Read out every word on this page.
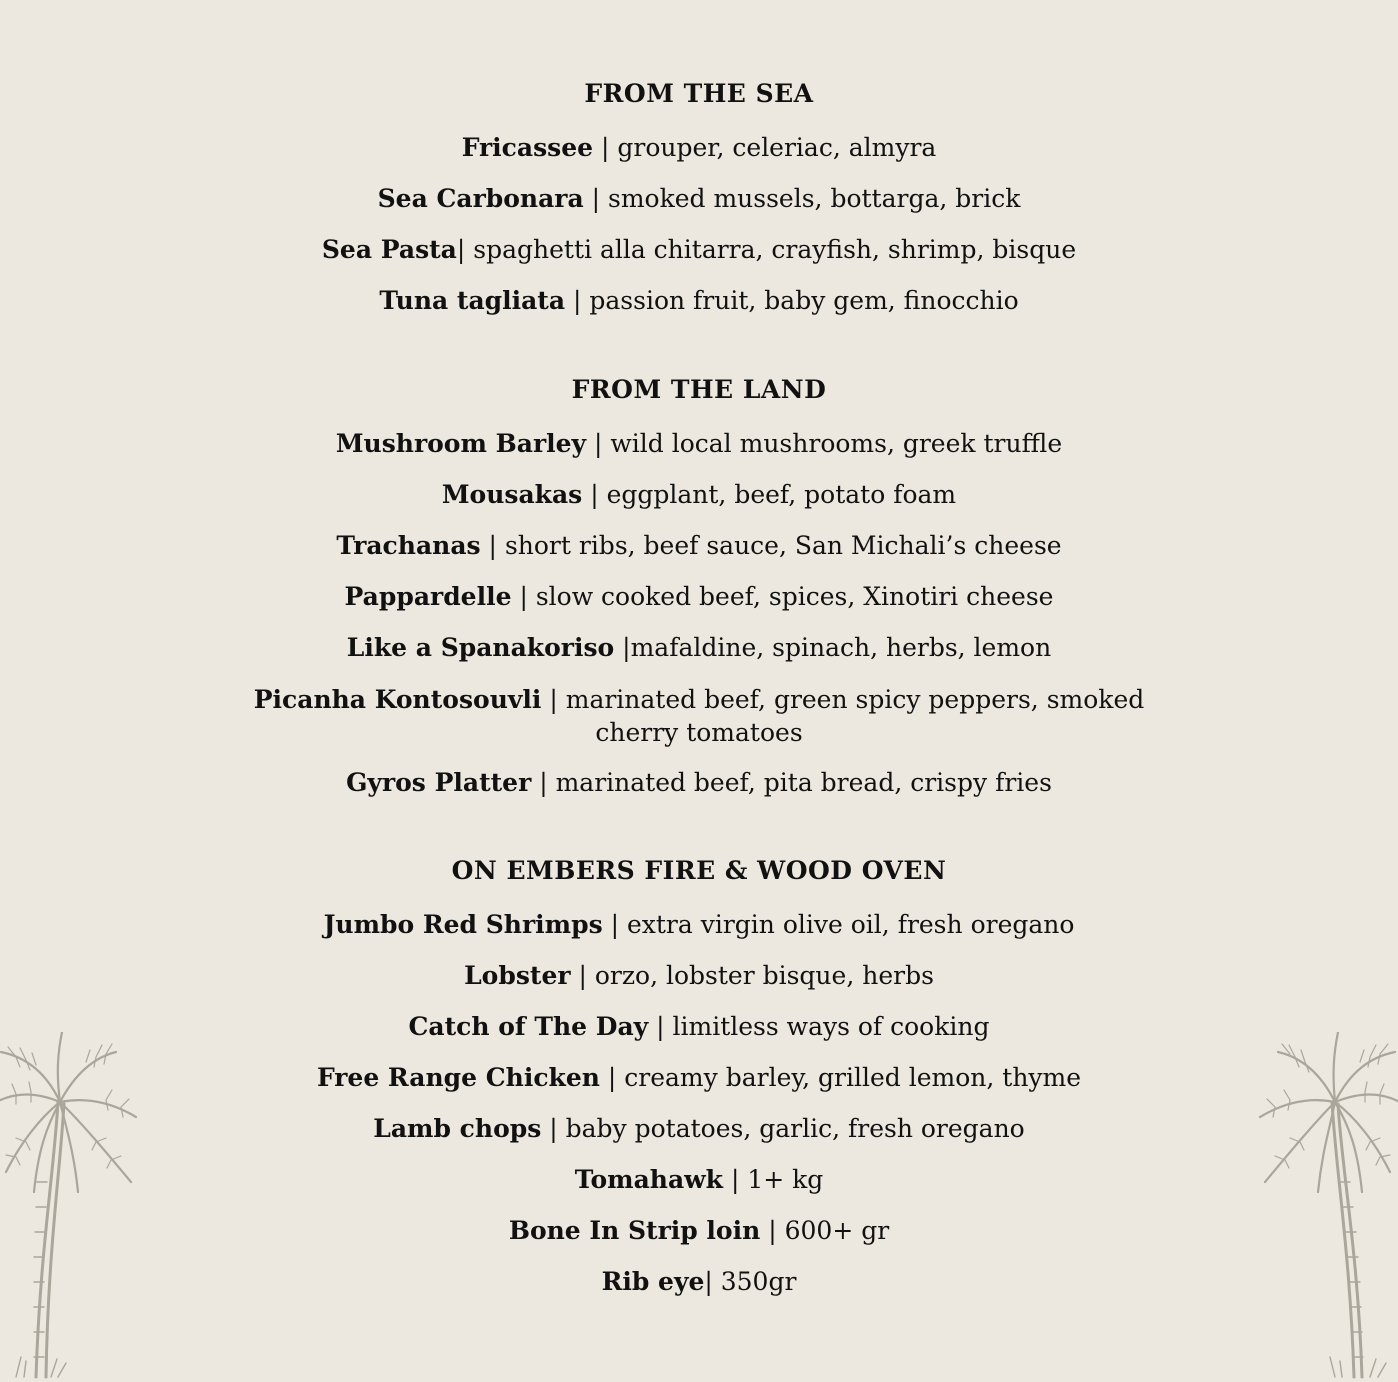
FROM THE SEA
Fricassee | grouper, celeriac, almyra
Sea Carbonara | smoked mussels, bottarga, brick
Sea Pasta| spaghetti alla chitarra, crayfish, shrimp, bisque
Tuna tagliata | passion fruit, baby gem, finocchio
FROM THE LAND
Mushroom Barley | wild local mushrooms, greek truffle
Mousakas | eggplant, beef, potato foam
Trachanas | short ribs, beef sauce, San Michali’s cheese
Pappardelle | slow cooked beef, spices, Xinotiri cheese
Like a Spanakoriso |mafaldine, spinach, herbs, lemon
Picanha Kontosouvli | marinated beef, green spicy peppers, smoked cherry tomatoes
Gyros Platter | marinated beef, pita bread, crispy fries
ON EMBERS FIRE & WOOD OVEN
Jumbo Red Shrimps | extra virgin olive oil, fresh oregano
Lobster | orzo, lobster bisque, herbs
Catch of The Day | limitless ways of cooking
Free Range Chicken | creamy barley, grilled lemon, thyme
Lamb chops | baby potatoes, garlic, fresh oregano
Tomahawk | 1+ kg
Bone In Strip loin | 600+ gr
Rib eye| 350gr
